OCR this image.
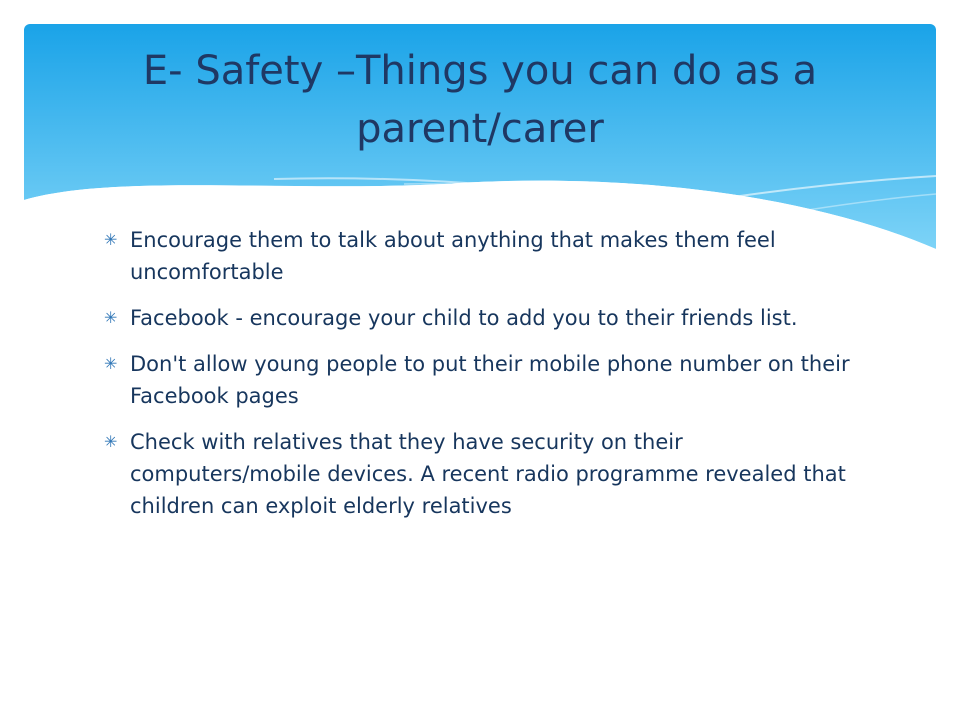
E- Safety –Things you can do as a parent/carer
✳ Encourage them to talk about anything that makes them feel uncomfortable
✳ Facebook - encourage your child to add you to their friends list.
✳ Don't allow young people to put their mobile phone number on their Facebook pages
✳ Check with relatives that they have security on their computers/mobile devices. A recent radio programme revealed that children can exploit elderly relatives
